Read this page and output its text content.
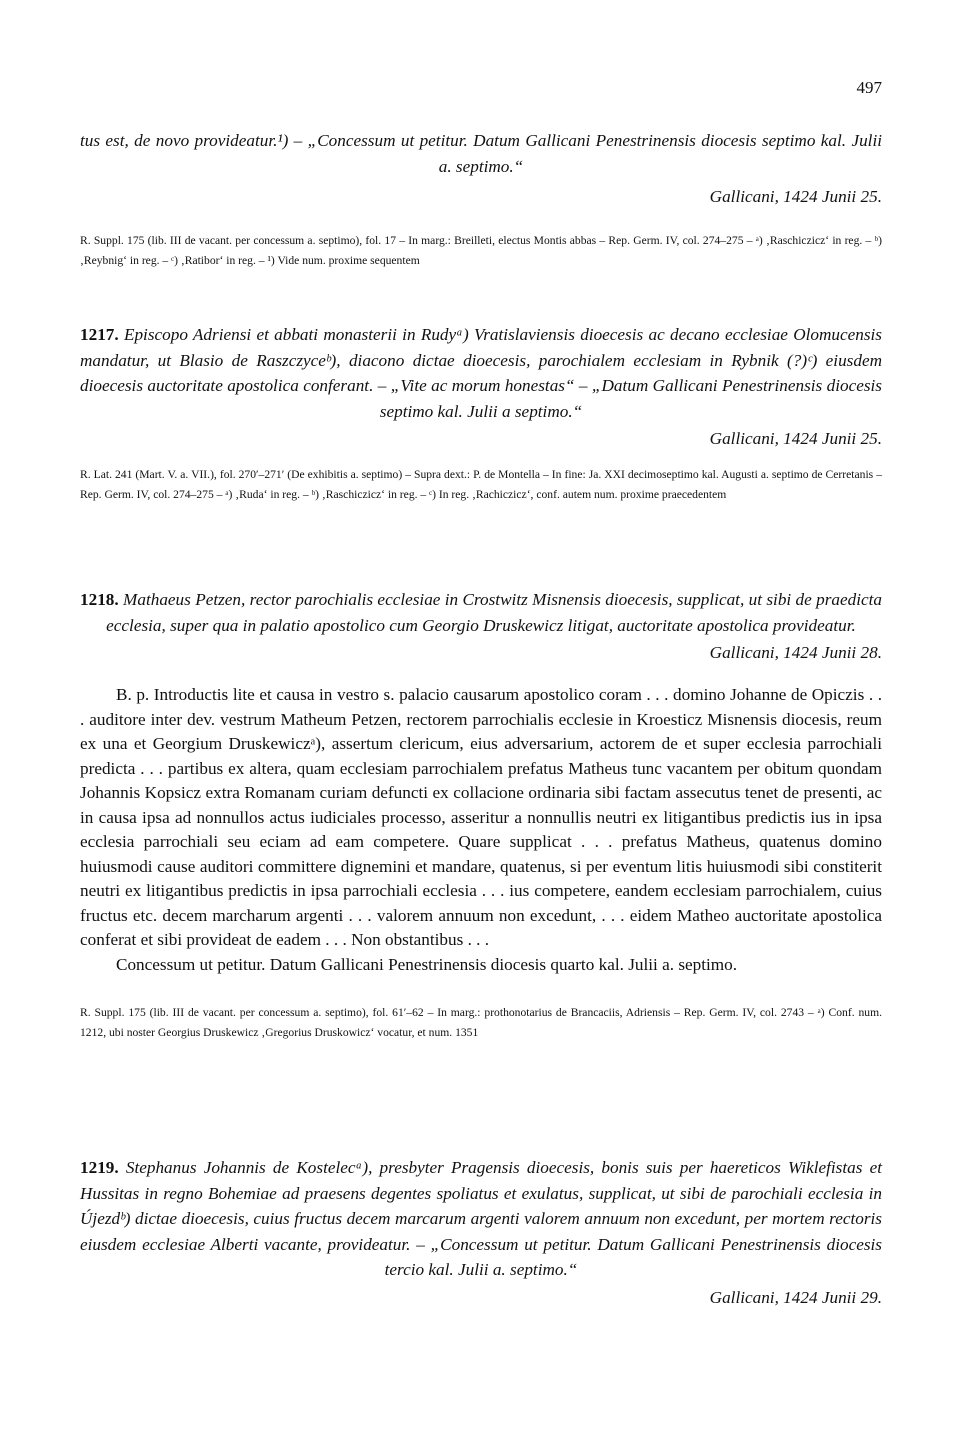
497

tus est, de novo provideatur.¹) – „Concessum ut petitur. Datum Gallicani Penestrinensis diocesis septimo kal. Julii a. septimo.“

Gallicani, 1424 Junii 25.

R. Suppl. 175 (lib. III de vacant. per concessum a. septimo), fol. 17 – In marg.: Breilleti, electus Montis abbas – Rep. Germ. IV, col. 274–275 – ᵃ) ‚Raschiczicz‘ in reg. – ᵇ) ‚Reybnig‘ in reg. – ᶜ) ‚Ratibor‘ in reg. – ¹) Vide num. proxime sequentem

1217. Episcopo Adriensi et abbati monasterii in Rudyᵃ) Vratislaviensis dioecesis ac decano ecclesiae Olomucensis mandatur, ut Blasio de Raszczyceᵇ), diacono dictae dioecesis, parochialem ecclesiam in Rybnik (?)ᶜ) eiusdem dioecesis auctoritate apostolica conferant. – „Vite ac morum honestas“ – „Datum Gallicani Penestrinensis diocesis septimo kal. Julii a septimo.“

Gallicani, 1424 Junii 25.

R. Lat. 241 (Mart. V. a. VII.), fol. 270′–271′ (De exhibitis a. septimo) – Supra dext.: P. de Montella – In fine: Ja. XXI decimoseptimo kal. Augusti a. septimo de Cerretanis – Rep. Germ. IV, col. 274–275 – ᵃ) ‚Ruda‘ in reg. – ᵇ) ‚Raschiczicz‘ in reg. – ᶜ) In reg. ‚Rachiczicz‘, conf. autem num. proxime praecedentem

1218. Mathaeus Petzen, rector parochialis ecclesiae in Crostwitz Misnensis dioecesis, supplicat, ut sibi de praedicta ecclesia, super qua in palatio apostolico cum Georgio Druskewicz litigat, auctoritate apostolica provideatur.

Gallicani, 1424 Junii 28.

B. p. Introductis lite et causa in vestro s. palacio causarum apostolico coram . . . domino Johanne de Opiczis . . . auditore inter dev. vestrum Matheum Petzen, rectorem parrochialis ecclesie in Kroesticz Misnensis diocesis, reum ex una et Georgium Druskewiczᵃ), assertum clericum, eius adversarium, actorem de et super ecclesia parrochiali predicta . . . partibus ex altera, quam ecclesiam parrochialem prefatus Matheus tunc vacantem per obitum quondam Johannis Kopsicz extra Romanam curiam defuncti ex collacione ordinaria sibi factam assecutus tenet de presenti, ac in causa ipsa ad nonnullos actus iudiciales processo, asseritur a nonnullis neutri ex litigantibus predictis ius in ipsa ecclesia parrochiali seu eciam ad eam competere. Quare supplicat . . . prefatus Matheus, quatenus domino huiusmodi cause auditori committere dignemini et mandare, quatenus, si per eventum litis huiusmodi sibi constiterit neutri ex litigantibus predictis in ipsa parrochiali ecclesia . . . ius competere, eandem ecclesiam parrochialem, cuius fructus etc. decem marcharum argenti . . . valorem annuum non excedunt, . . . eidem Matheo auctoritate apostolica conferat et sibi provideat de eadem . . . Non obstantibus . . .

Concessum ut petitur. Datum Gallicani Penestrinensis diocesis quarto kal. Julii a. septimo.

R. Suppl. 175 (lib. III de vacant. per concessum a. septimo), fol. 61′–62 – In marg.: prothonotarius de Brancaciis, Adriensis – Rep. Germ. IV, col. 2743 – ᵃ) Conf. num. 1212, ubi noster Georgius Druskewicz ‚Gregorius Druskowicz‘ vocatur, et num. 1351

1219. Stephanus Johannis de Kostelecᵃ), presbyter Pragensis dioecesis, bonis suis per haereticos Wiklefistas et Hussitas in regno Bohemiae ad praesens degentes spoliatus et exulatus, supplicat, ut sibi de parochiali ecclesia in Újezdᵇ) dictae dioecesis, cuius fructus decem marcarum argenti valorem annuum non excedunt, per mortem rectoris eiusdem ecclesiae Alberti vacante, provideatur. – „Concessum ut petitur. Datum Gallicani Penestrinensis diocesis tercio kal. Julii a. septimo.“

Gallicani, 1424 Junii 29.
